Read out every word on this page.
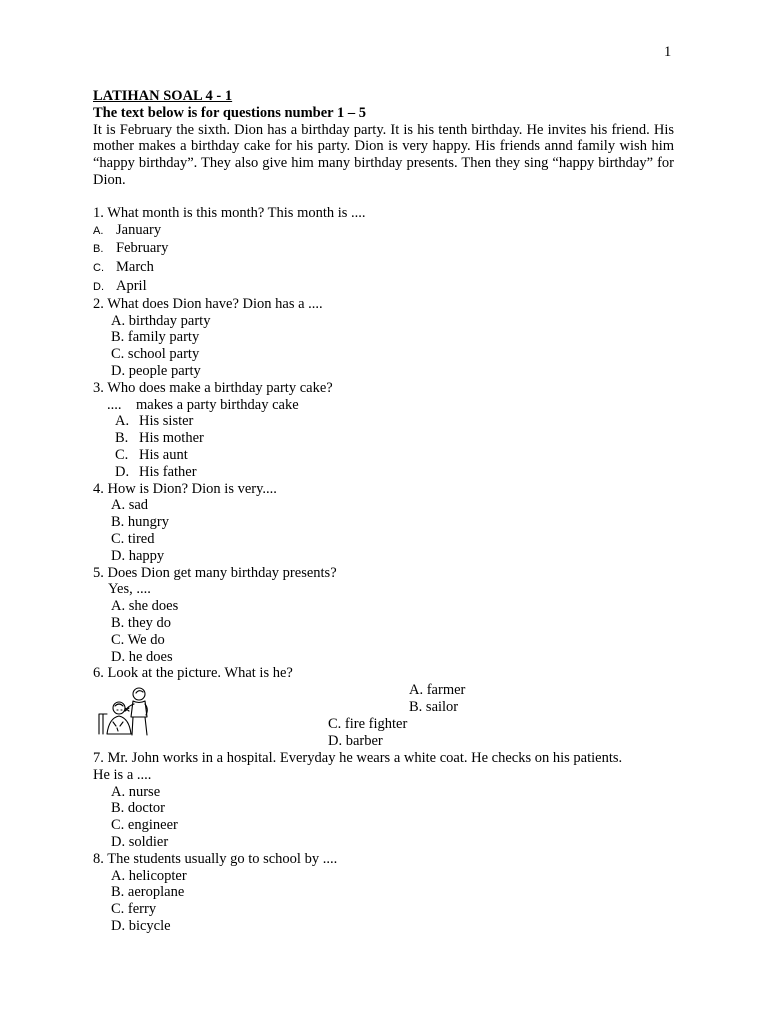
1
LATIHAN SOAL 4 - 1
The text below is for questions number 1 – 5
It is February the sixth. Dion has a birthday party. It is his tenth birthday. He invites his friend. His mother makes a birthday cake for his party. Dion is very happy. His friends annd family wish him “happy birthday”. They also give him many birthday presents. Then they sing “happy birthday” for Dion.
1. What month is this month? This month is ....
A. January
B. February
C. March
D. April
2. What does Dion have? Dion has a ....
A. birthday party
B. family party
C. school party
D. people party
3. Who does make a birthday party cake?
....    makes a party birthday cake
A. His sister
B. His mother
C. His aunt
D. His father
4. How is Dion? Dion is very....
A. sad
B. hungry
C. tired
D. happy
5. Does Dion get many birthday presents?
Yes, ....
A. she does
B. they do
C. We do
D. he does
6. Look at the picture. What is he?
A. farmer
B. sailor
C. fire fighter
D. barber
7. Mr. John works in a hospital. Everyday he wears a white coat. He checks on his patients.
He is a ....
A. nurse
B. doctor
C. engineer
D. soldier
8. The students usually go to school by ....
A. helicopter
B. aeroplane
C. ferry
D. bicycle
